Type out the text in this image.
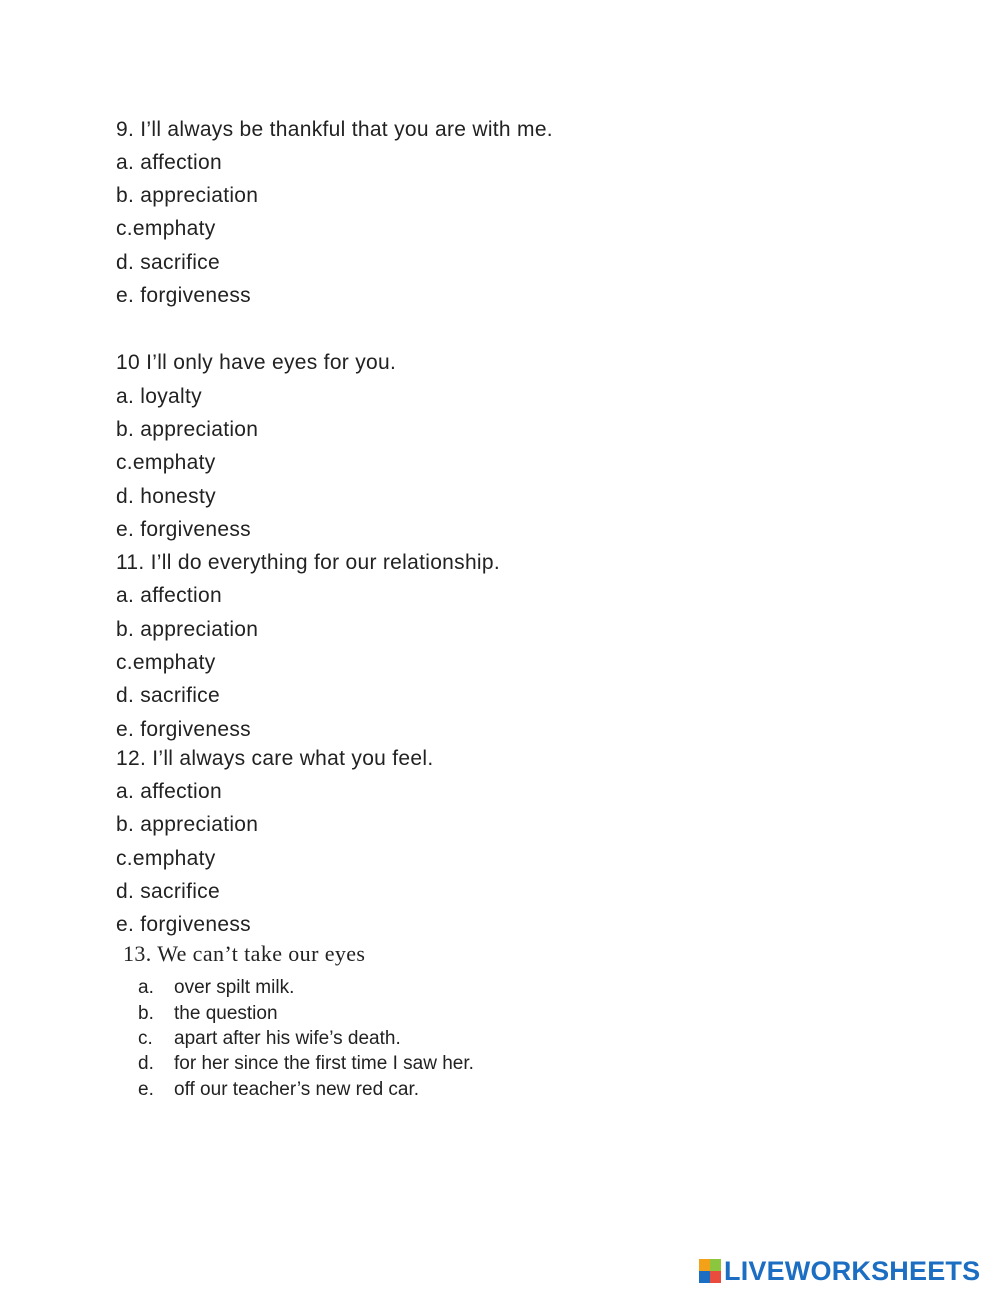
9. I’ll always be thankful that you are with me.
a. affection
b. appreciation
c.emphaty
d. sacrifice
e. forgiveness
10 I’ll only have eyes for you.
a. loyalty
b. appreciation
c.emphaty
d. honesty
e. forgiveness
11. I’ll do everything for our relationship.
a. affection
b. appreciation
c.emphaty
d. sacrifice
e. forgiveness
12. I’ll always care what you feel.
a. affection
b. appreciation
c.emphaty
d. sacrifice
e. forgiveness
13. We can’t take our eyes
a. over spilt milk.
b. the question
c. apart after his wife’s death.
d. for her since the first time I saw her.
e. off our teacher’s new red car.
LIVEWORKSHEETS
